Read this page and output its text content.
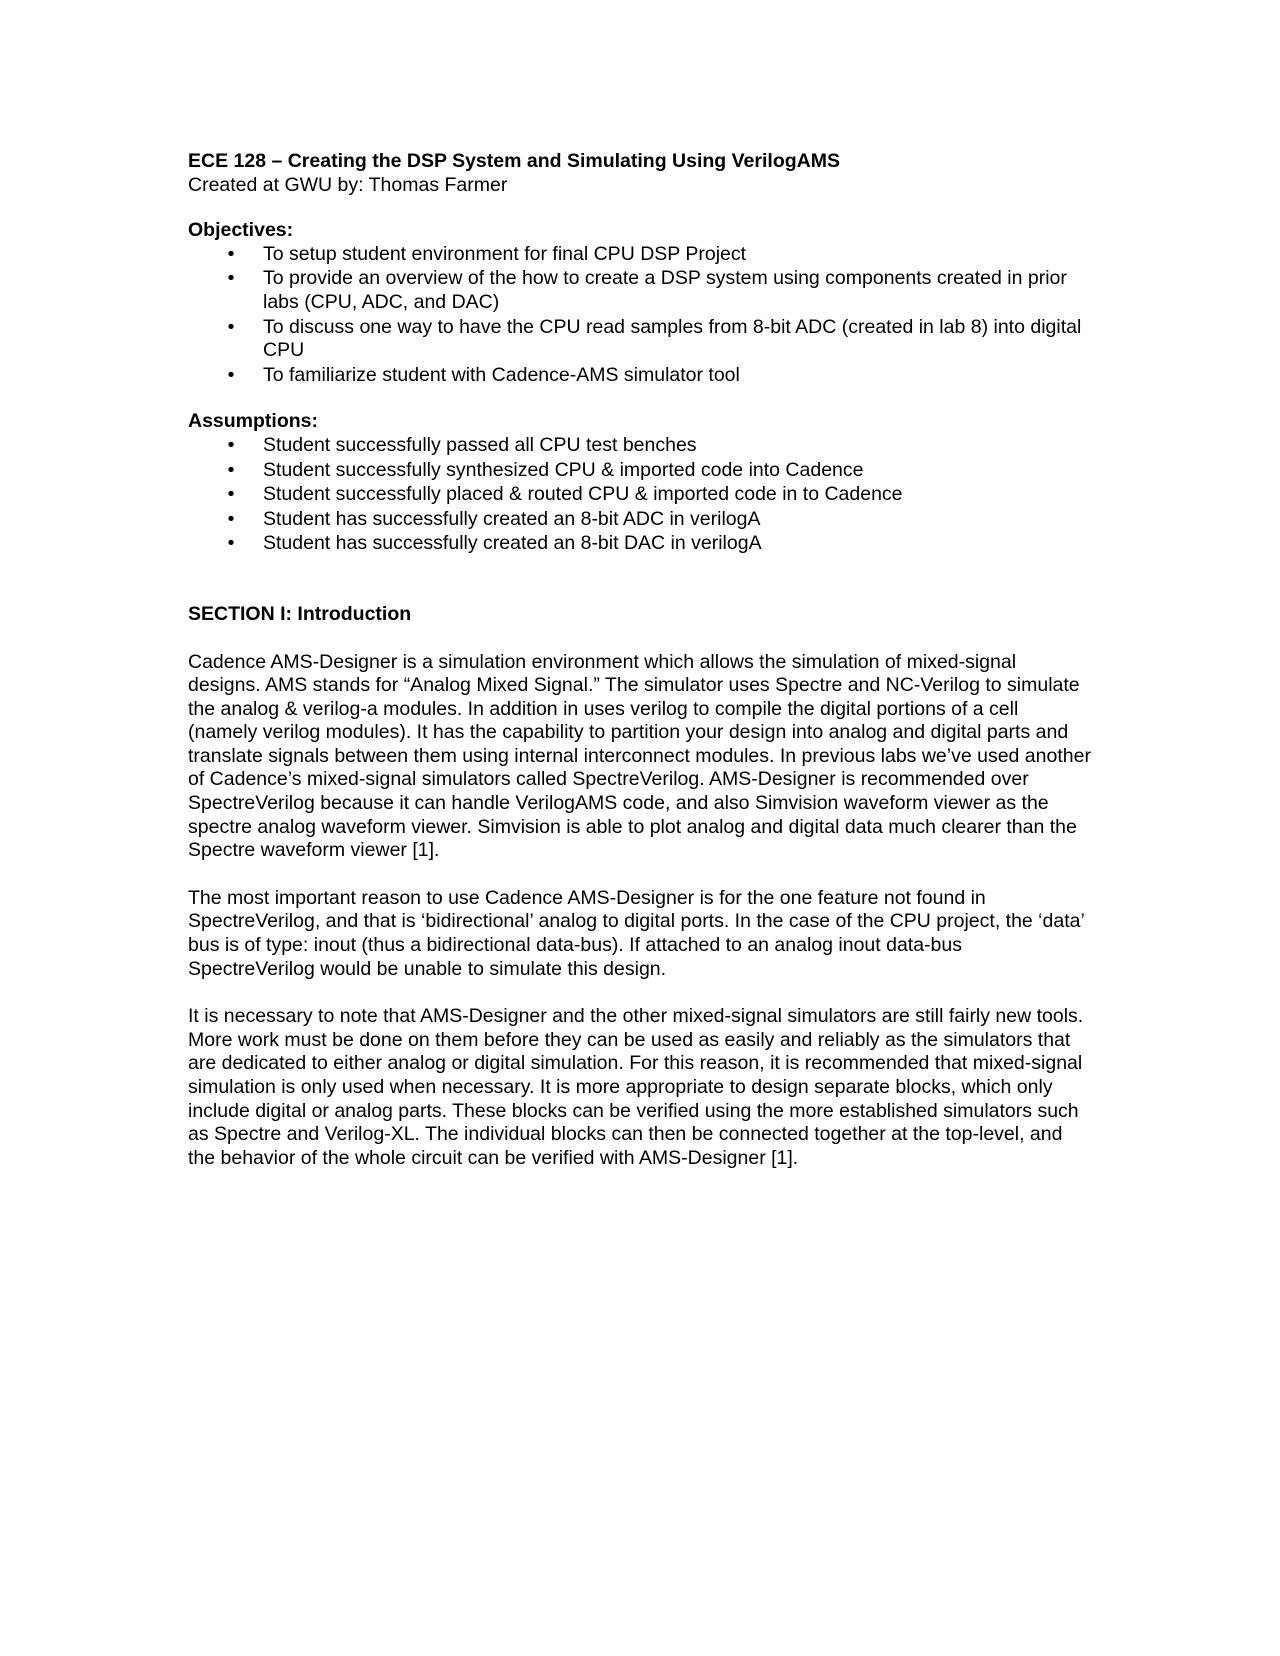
ECE 128 – Creating the DSP System and Simulating Using VerilogAMS
Created at GWU by: Thomas Farmer
Objectives:
• To setup student environment for final CPU DSP Project
• To provide an overview of the how to create a DSP system using components created in prior labs (CPU, ADC, and DAC)
• To discuss one way to have the CPU read samples from 8-bit ADC (created in lab 8) into digital CPU
• To familiarize student with Cadence-AMS simulator tool
Assumptions:
• Student successfully passed all CPU test benches
• Student successfully synthesized CPU & imported code into Cadence
• Student successfully placed & routed CPU & imported code in to Cadence
• Student has successfully created an 8-bit ADC in verilogA
• Student has successfully created an 8-bit DAC in verilogA
SECTION I: Introduction

Cadence AMS-Designer is a simulation environment which allows the simulation of mixed-signal designs. AMS stands for “Analog Mixed Signal.” The simulator uses Spectre and NC-Verilog to simulate the analog & verilog-a modules. In addition in uses verilog to compile the digital portions of a cell (namely verilog modules). It has the capability to partition your design into analog and digital parts and translate signals between them using internal interconnect modules. In previous labs we’ve used another of Cadence’s mixed-signal simulators called SpectreVerilog. AMS-Designer is recommended over SpectreVerilog because it can handle VerilogAMS code, and also Simvision waveform viewer as the spectre analog waveform viewer. Simvision is able to plot analog and digital data much clearer than the Spectre waveform viewer [1].

The most important reason to use Cadence AMS-Designer is for the one feature not found in SpectreVerilog, and that is ‘bidirectional’ analog to digital ports. In the case of the CPU project, the ‘data’ bus is of type: inout (thus a bidirectional data-bus). If attached to an analog inout data-bus SpectreVerilog would be unable to simulate this design.

It is necessary to note that AMS-Designer and the other mixed-signal simulators are still fairly new tools. More work must be done on them before they can be used as easily and reliably as the simulators that are dedicated to either analog or digital simulation. For this reason, it is recommended that mixed-signal simulation is only used when necessary. It is more appropriate to design separate blocks, which only include digital or analog parts. These blocks can be verified using the more established simulators such as Spectre and Verilog-XL. The individual blocks can then be connected together at the top-level, and the behavior of the whole circuit can be verified with AMS-Designer [1].
